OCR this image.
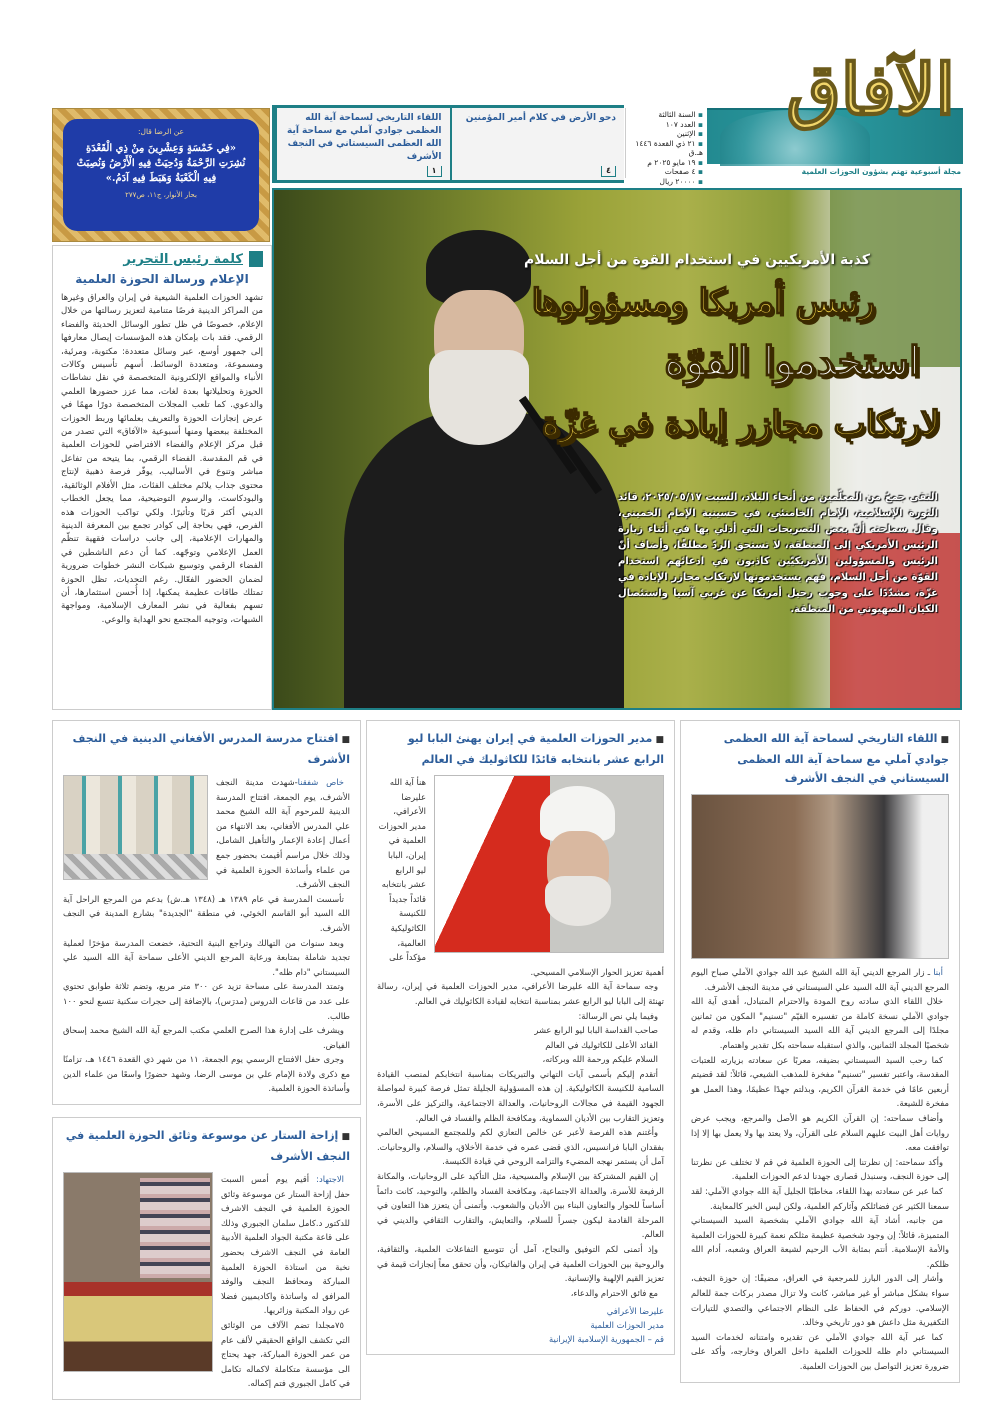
الآفاق
▪ السنة الثالثة
▪ العدد ١٠٧
▪ الإثنين
▪ ٢١ ذي القعدة ١٤٤٦ هـ.ق
▪ ١٩ مايو ٢٠٢٥ م
▪ ٤ صفحات
▪ ٢٠٠٠٠ ريال
مجلة أسبوعية تهتم بشؤون الحوزات العلمية
دحو الأرض في كلام أمير المؤمنين
٤
اللقاء التاريخي لسماحة آية الله العظمى جوادي آملي مع سماحة آية الله العظمى السيستاني في النجف الأشرف
١
عن الرضا قال:
«فِي خَمْسَةٍ وَعِشْرِينَ مِنْ ذِي الْقَعْدَةِ نُشِرَتِ الرَّحْمَةُ وَدُحِيَتْ فِيهِ الْأَرْضُ وَنُصِبَتْ فِيهِ الْكَعْبَةُ وَهَبَطَ فِيهِ آدَمُ.»
بحار الأنوار، ج١١، ص٢٧٧
كلمة رئيس التحرير
الإعلام ورسالة الحوزة العلمية
تشهد الحوزات العلمية الشيعية في إيران والعراق وغيرها من المراكز الدينية فرصًا متنامية لتعزيز رسالتها من خلال الإعلام، خصوصًا في ظل تطور الوسائل الحديثة والفضاء الرقمي. فقد بات بإمكان هذه المؤسسات إيصال معارفها إلى جمهور أوسع، عبر وسائل متعددة: مكتوبة، ومرئية، ومسموعة، ومتعددة الوسائط. أسهم تأسيس وكالات الأنباء والمواقع الإلكترونية المتخصصة في نقل نشاطات الحوزة وتحليلاتها بعدة لغات، مما عزز حضورها العلمي والدعوي. كما تلعب المجلات المتخصصة دورًا مهمًا في عرض إنجازات الحوزة والتعريف بعلمائها وربط الحوزات المختلفة ببعضها ومنها أسبوعية «الآفاق» التي تصدر من قبل مركز الإعلام والفضاء الافتراضي للحوزات العلمية في قم المقدسة. الفضاء الرقمي، بما يتيحه من تفاعل مباشر وتنوع في الأساليب، يوفّر فرصة ذهبية لإنتاج محتوى جذاب يلائم مختلف الفئات، مثل الأفلام الوثائقية، والبودكاست، والرسوم التوضيحية، مما يجعل الخطاب الديني أكثر قربًا وتأثيرًا. ولكي تواكب الحوزات هذه الفرص، فهي بحاجة إلى كوادر تجمع بين المعرفة الدينية والمهارات الإعلامية، إلى جانب دراسات فقهية تنظّم العمل الإعلامي وتوجّهه. كما أن دعم الناشطين في الفضاء الرقمي وتوسيع شبكات النشر خطوات ضرورية لضمان الحضور الفعّال. رغم التحديات، تظل الحوزة تمتلك طاقات عظيمة يمكنها، إذا أُحسن استثمارها، أن تسهم بفعالية في نشر المعارف الإسلامية، ومواجهة الشبهات، وتوجيه المجتمع نحو الهداية والوعي.
كذبة الأمريكيين في استخدام القوة من أجل السلام
رئيس أمريكا ومسؤولوها
استخدموا القوّة
لارتكاب مجازر إبادة في غزّة
التقى جمعٌ من المعلّمين من أنحاء البلاد، السبت ٢٠٢٥/٠٥/١٧، قائد الثورة الإسلامية، الإمام الخامنئي، في حسينية الإمام الخميني، وقال سماحته أنّ بعض التصريحات التي أدلي بها في أثناء زيارة الرئيس الأمريكي إلى المنطقة، لا تستحق الردّ مطلقًا، وأضاف أنّ الرئيس والمسؤولين الأمريكيّين كاذبون في ادعائهم استخدام القوّة من أجل السلام، فهم يستخدمونها لارتكاب مجازر الإبادة في غزّة، مشدّدًا على وجوب رحيل أمريكا عن غربي آسيا واستئصال الكيان الصهيوني من المنطقة.
■ اللقاء التاريخي لسماحة آية الله العظمى جوادي آملي مع سماحة آية الله العظمى السيستاني في النجف الأشرف

أبنا ـ زار المرجع الديني آية الله الشيخ عبد الله جوادي الآملي صباح اليوم المرجع الديني آية الله السيد علي السيستاني في مدينة النجف الأشرف.

خلال اللقاء الذي سادته روح المودة والاحترام المتبادل، أهدى آية الله جوادي الآملي نسخة كاملة من تفسيره القيّم "تسنيم" المكون من ثمانين مجلدًا إلى المرجع الديني آية الله السيد السيستاني دام ظله، وقدم له شخصيًا المجلد الثمانين، والذي استقبله سماحته بكل تقدير واهتمام.

كما رحب السيد السيستاني بضيفه، معربًا عن سعادته بزيارته للعتبات المقدسة، واعتبر تفسير "تسنيم" مفخرة للمذهب الشيعي، قائلاً: لقد قضيتم أربعين عامًا في خدمة القرآن الكريم، وبذلتم جهدًا عظيمًا، وهذا العمل هو مفخرة للشيعة.

وأضاف سماحته: إن القرآن الكريم هو الأصل والمرجع، ويجب عرض روايات أهل البيت عليهم السلام على القرآن، ولا يعتد بها ولا يعمل بها إلا إذا توافقت معه.

وأكد سماحته: إن نظرتنا إلى الحوزة العلمية في قم لا تختلف عن نظرتنا إلى حوزة النجف، وسنبذل قصارى جهدنا لدعم الحوزات العلمية.

كما عبر عن سعادته بهذا اللقاء، مخاطبًا الجليل آية الله جوادي الآملي: لقد سمعنا الكثير عن فضائلكم وآثاركم العلمية، ولكن ليس الخبر كالمعاينة.

من جانبه، أشاد آية الله جوادي الآملي بشخصية السيد السيستاني المتميزة، قائلاً: إن وجود شخصية عظيمة مثلكم نعمة كبيرة للحوزات العلمية والأمة الإسلامية. أنتم بمثابة الأب الرحيم لشيعة العراق وشعبه، أدام الله ظلكم.

وأشار إلى الدور البارز للمرجعية في العراق، مضيفًا: إن حوزة النجف، سواء بشكل مباشر أو غير مباشر، كانت ولا تزال مصدر بركات جمة للعالم الإسلامي. دوركم في الحفاظ على النظام الاجتماعي والتصدي للتيارات التكفيرية مثل داعش هو دور تاريخي وخالد.

كما عبر آية الله جوادي الآملي عن تقديره وامتنانه لخدمات السيد السيستاني دام ظله للحوزات العلمية داخل العراق وخارجه، وأكد على ضرورة تعزيز التواصل بين الحوزات العلمية.

■ مدير الحوزات العلمية في إيران يهنئ البابا ليو الرابع عشر بانتخابه قائدًا للكاثوليك في العالم
هنأ آية الله عليرضا الأعرافي، مدير الحوزات العلمية في إيران، البابا ليو الرابع عشر بانتخابه قائداً جديداً للكنيسة الكاثوليكية العالمية، مؤكداً على أهمية تعزيز الحوار الإسلامي المسيحي.

وجه سماحة آية الله عليرضا الأعرافي، مدير الحوزات العلمية في إيران، رسالة تهنئة إلى البابا ليو الرابع عشر بمناسبة انتخابه لقيادة الكاثوليك في العالم.

وفيما يلي نص الرسالة:

صاحب القداسة البابا ليو الرابع عشر

القائد الأعلى للكاثوليك في العالم

السلام عليكم ورحمة الله وبركاته،

أتقدم إليكم بأسمى آيات التهاني والتبريكات بمناسبة انتخابكم لمنصب القيادة السامية للكنيسة الكاثوليكية. إن هذه المسؤولية الجليلة تمثل فرصة كبيرة لمواصلة الجهود القيمة في مجالات الروحانيات، والعدالة الاجتماعية، والتركيز على الأسرة، وتعزيز التقارب بين الأديان السماوية، ومكافحة الظلم والفساد في العالم.

وأغتنم هذه الفرصة لأعبر عن خالص التعازي لكم وللمجتمع المسيحي العالمي بفقدان البابا فرانسيس، الذي قضى عمره في خدمة الأخلاق، والسلام، والروحانيات. آمل أن يستمر نهجه المضيء والتزامه الروحي في قيادة الكنيسة.

إن القيم المشتركة بين الإسلام والمسيحية، مثل التأكيد على الروحانيات، والمكانة الرفيعة للأسرة، والعدالة الاجتماعية، ومكافحة الفساد والظلم، والتوحيد، كانت دائماً أساساً للحوار والتعاون البناء بين الأديان والشعوب. وأتمنى أن يتعزز هذا التعاون في المرحلة القادمة ليكون جسراً للسلام، والتعايش، والتقارب الثقافي والديني في العالم.

وإذ أتمنى لكم التوفيق والنجاح، آمل أن تتوسع التفاعلات العلمية، والثقافية، والروحية بين الحوزات العلمية في إيران والفاتيكان، وأن تحقق معاً إنجازات قيمة في تعزيز القيم الإلهية والإنسانية.

مع فائق الاحترام والدعاء،

عليرضا الأعرافي
مدير الحوزات العلمية
قم – الجمهورية الإسلامية الإيرانية
■ افتتاح مدرسة المدرس الأفغاني الدينية في النجف الأشرف

خاص شفقنا-شهدت مدينة النجف الأشرف، يوم الجمعة، افتتاح المدرسة الدينية للمرحوم آية الله الشيخ محمد علي المدرس الأفغاني، بعد الانتهاء من أعمال إعادة الإعمار والتأهيل الشامل، وذلك خلال مراسم أقيمت بحضور جمع من علماء وأساتذة الحوزة العلمية في النجف الأشرف.

تأسست المدرسة في عام ١٣٨٩ هـ (١٣٤٨ هـ.ش) بدعم من المرجع الراحل آية الله السيد أبو القاسم الخوئي، في منطقة "الجديدة" بشارع المدينة في النجف الأشرف.

وبعد سنوات من التهالك وتراجع البنية التحتية، خضعت المدرسة مؤخرًا لعملية تجديد شاملة بمتابعة ورعاية المرجع الديني الأعلى سماحة آية الله السيد علي السيستاني "دام ظله".

وتمتد المدرسة على مساحة تزيد عن ٣٠٠ متر مربع، وتضم ثلاثة طوابق تحتوي على عدد من قاعات الدروس (مدرَس)، بالإضافة إلى حجرات سكنية تتسع لنحو ١٠٠ طالب.

ويشرف على إدارة هذا الصرح العلمي مكتب المرجع آية الله الشيخ محمد إسحاق الفياض.

وجرى حفل الافتتاح الرسمي يوم الجمعة، ١١ من شهر ذي القعدة ١٤٤٦ هـ، تزامنًا مع ذكرى ولادة الإمام علي بن موسى الرضا، وشهد حضورًا واسعًا من علماء الدين وأساتذة الحوزة العلمية.

■ إزاحة الستار عن موسوعة وثائق الحوزة العلمية في النجف الأشرف

الاجتهاد: أقيم يوم أمس السبت حفل إزاحة الستار عن موسوعة وثائق الحوزة العلمية في النجف الاشرف للدكتور د.كامل سلمان الجبوري وذلك على قاعة مكتبة الجواد العلمية الأدبية العامة في النجف الاشرف بحضور نخبة من استاذة الحوزة العلمية المباركة ومحافظ النجف والوفد المرافق له واساتذة واكاديميين فضلا عن رواد المكتبة وزائريها.

٧٥مجلدا تضم الآلاف من الوثائق التي تكشف الواقع الحقيقي لألف عام من عمر الحوزة المباركة، جهد يحتاج الى مؤسسة متكاملة لاكماله تكامل في كامل الجبوري فتم إكماله.
